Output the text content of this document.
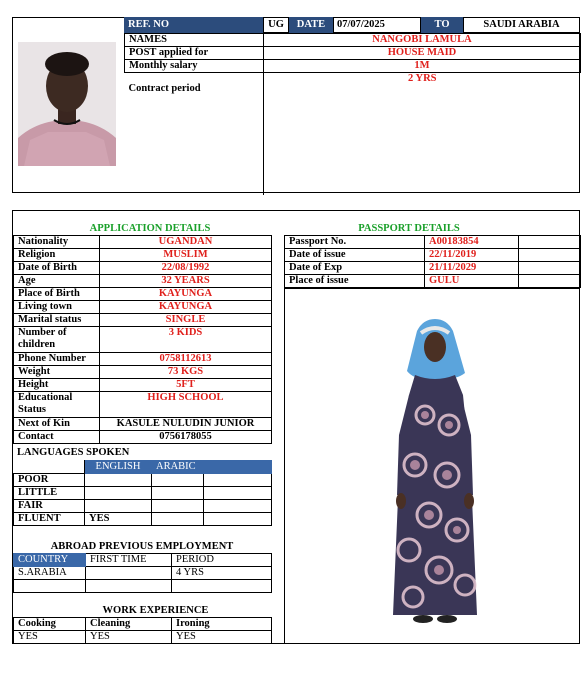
REF. NO	UG	DATE	07/07/2025	TO	SAUDI ARABIA
NAMES	NANGOBI LAMULA
POST applied for	HOUSE MAID
Monthly salary	1M
Contract period	2 YRS
APPLICATION DETAILS	PASSPORT DETAILS
Nationality	UGANDAN
Religion	MUSLIM
Date of Birth	22/08/1992
Age	32 YEARS
Place of Birth	KAYUNGA
Living town	KAYUNGA
Marital status	SINGLE
Number of children	3 KIDS
Phone Number	0758112613
Weight	73 KGS
Height	5FT
Educational Status	HIGH SCHOOL
Next of Kin	KASULE NULUDIN JUNIOR
Contact	0756178055
LANGUAGES SPOKEN
	ENGLISH	ARABIC	
POOR			
LITTLE			
FAIR			
FLUENT	YES		
ABROAD PREVIOUS EMPLOYMENT
COUNTRY	FIRST TIME	PERIOD
S.ARABIA		4 YRS

WORK EXPERIENCE
Cooking	Cleaning	Ironing
YES	YES	YES
Passport No.	A00183854	
Date of issue	22/11/2019	
Date of Exp	21/11/2029	
Place of issue	GULU	
